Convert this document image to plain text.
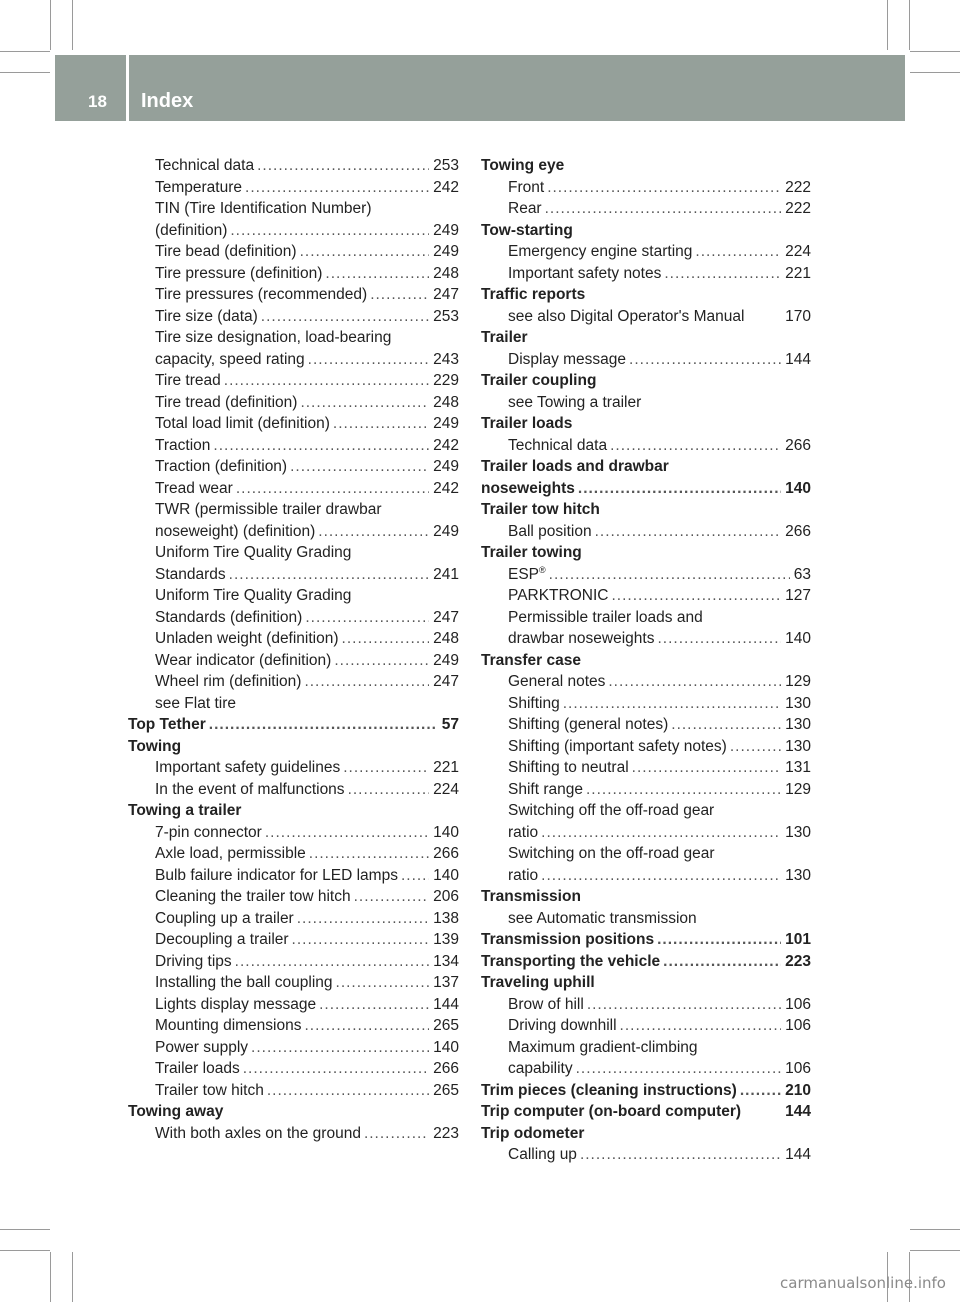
18	Index
Technical data .....	253
Temperature .....	242
TIN (Tire Identification Number)
(definition) .....	249
Tire bead (definition) .....	249
Tire pressure (definition) .....	248
Tire pressures (recommended) .....	247
Tire size (data) .....	253
Tire size designation, load-bearing
capacity, speed rating .....	243
Tire tread .....	229
Tire tread (definition) .....	248
Total load limit (definition) .....	249
Traction .....	242
Traction (definition) .....	249
Tread wear .....	242
TWR (permissible trailer drawbar
noseweight) (definition) .....	249
Uniform Tire Quality Grading
Standards .....	241
Uniform Tire Quality Grading
Standards (definition) .....	247
Unladen weight (definition) .....	248
Wear indicator (definition) .....	249
Wheel rim (definition) .....	247
see Flat tire
Top Tether .....	57
Towing
Important safety guidelines .....	221
In the event of malfunctions .....	224
Towing a trailer
7-pin connector .....	140
Axle load, permissible .....	266
Bulb failure indicator for LED lamps ..... 140
Cleaning the trailer tow hitch .....	206
Coupling up a trailer .....	138
Decoupling a trailer .....	139
Driving tips .....	134
Installing the ball coupling .....	137
Lights display message .....	144
Mounting dimensions .....	265
Power supply .....	140
Trailer loads .....	266
Trailer tow hitch .....	265
Towing away
With both axles on the ground .....	223
Towing eye
Front .....	222
Rear .....	222
Tow-starting
Emergency engine starting .....	224
Important safety notes .....	221
Traffic reports
see also Digital Operator's Manual	170
Trailer
Display message .....	144
Trailer coupling
see Towing a trailer
Trailer loads
Technical data .....	266
Trailer loads and drawbar
noseweights .....	140
Trailer tow hitch
Ball position .....	266
Trailer towing
ESP® .....	63
PARKTRONIC .....	127
Permissible trailer loads and
drawbar noseweights .....	140
Transfer case
General notes .....	129
Shifting .....	130
Shifting (general notes) .....	130
Shifting (important safety notes) .....	130
Shifting to neutral .....	131
Shift range .....	129
Switching off the off-road gear
ratio .....	130
Switching on the off-road gear
ratio .....	130
Transmission
see Automatic transmission
Transmission positions .....	101
Transporting the vehicle .....	223
Traveling uphill
Brow of hill .....	106
Driving downhill .....	106
Maximum gradient-climbing
capability .....	106
Trim pieces (cleaning instructions) .....	210
Trip computer (on-board computer)	144
Trip odometer
Calling up .....	144
carmanualsonline.info
